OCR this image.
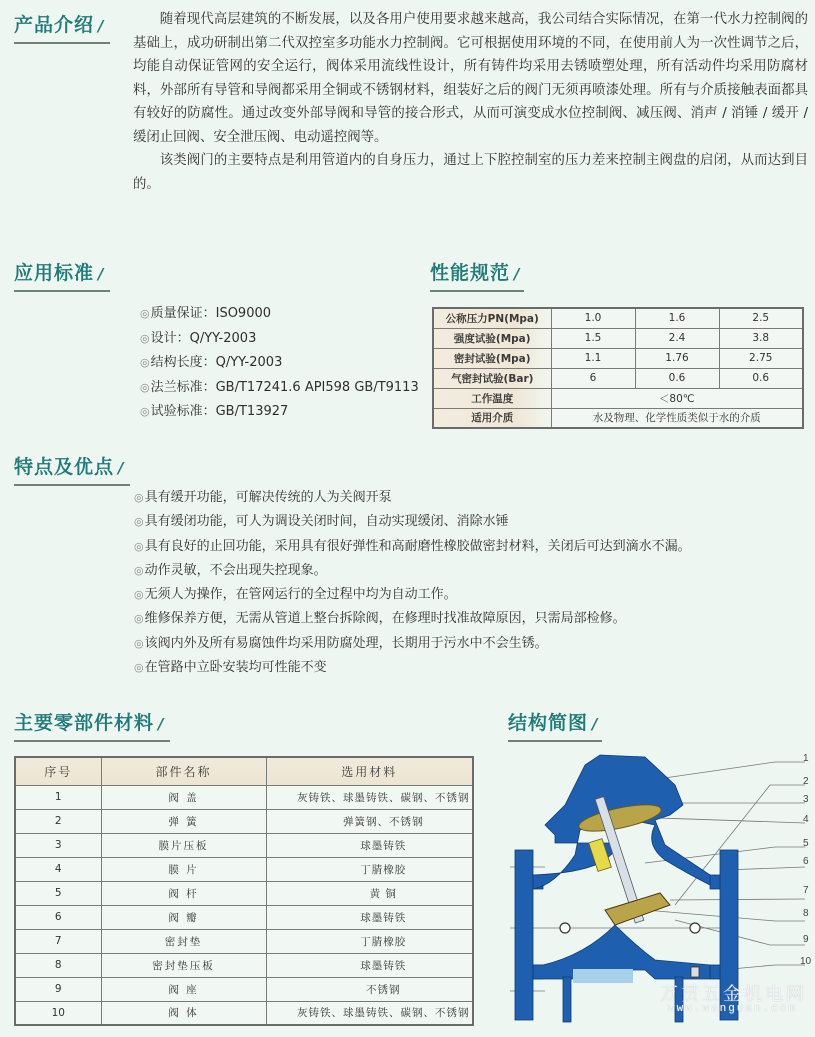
产品介绍 /	随着现代高层建筑的不断发展，以及各用户使用要求越来越高，我公司结合实际情况，在第一代水力控制阀的基础上，成功研制出第二代双控室多功能水力控制阀。它可根据使用环境的不同，在使用前人为一次性调节之后，均能自动保证管网的安全运行，阀体采用流线性设计，所有铸件均采用去锈喷塑处理，所有活动件均采用防腐材料，外部所有导管和导阀都采用全铜或不锈钢材料，组装好之后的阀门无须再喷漆处理。所有与介质接触表面都具有较好的防腐性。通过改变外部导阀和导管的接合形式，从而可演变成水位控制阀、减压阀、消声 / 消锤 / 缓开 / 缓闭止回阀、安全泄压阀、电动遥控阀等。

该类阀门的主要特点是利用管道内的自身压力，通过上下腔控制室的压力差来控制主阀盘的启闭，从而达到目的。

应用标准 /
◎质量保证：ISO9000
◎设计：Q/YY-2003
◎结构长度：Q/YY-2003
◎法兰标准：GB/T17241.6 API598 GB/T9113
◎试验标准：GB/T13927
性能规范 /
公称压力PN(Mpa)	1.0	1.6	2.5
强度试验(Mpa)	1.5	2.4	3.8
密封试验(Mpa)	1.1	1.76	2.75
气密封试验(Bar)	6	0.6	0.6
工作温度	＜80℃		
适用介质	水及物理、化学性质类似于水的介质		
特点及优点 /
◎具有缓开功能，可解决传统的人为关阀开泵
◎具有缓闭功能，可人为调设关闭时间，自动实现缓闭、消除水锤
◎具有良好的止回功能，采用具有很好弹性和高耐磨性橡胶做密封材料，关闭后可达到滴水不漏。
◎动作灵敏，不会出现失控现象。
◎无须人为操作，在管网运行的全过程中均为自动工作。
◎维修保养方便，无需从管道上整台拆除阀，在修理时找准故障原因，只需局部检修。
◎该阀内外及所有易腐蚀件均采用防腐处理，长期用于污水中不会生锈。
◎在管路中立卧安装均可性能不变
主要零部件材料 /
序号	部件名称	选用材料
1	阀 盖	灰铸铁、球墨铸铁、碳钢、不锈钢
2	弹 簧	弹簧钢、不锈钢
3	膜片压板	球墨铸铁
4	膜 片	丁腈橡胶
5	阀 杆	黄 铜
6	阀 瓣	球墨铸铁
7	密封垫	丁腈橡胶
8	密封垫压板	球墨铸铁
9	阀 座	不锈钢
10	阀 体	灰铸铁、球墨铸铁、碳钢、不锈钢
结构简图 /
1
2
3
4
5
6
7
8
9
10
万贯五金机电网
www.wanguan.com
